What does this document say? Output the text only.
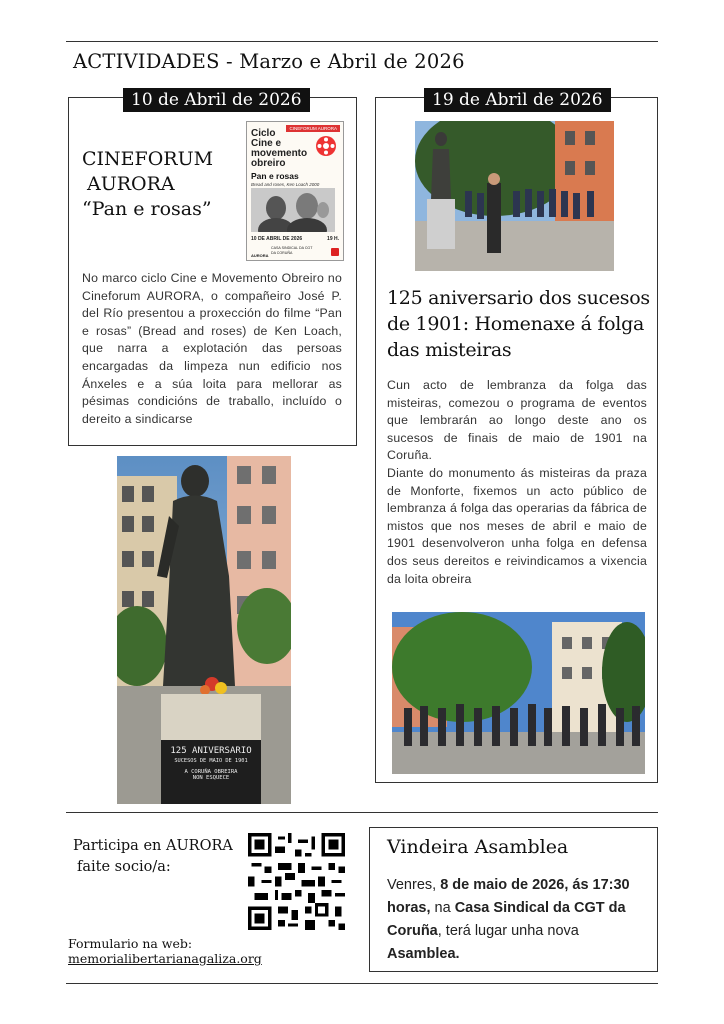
ACTIVIDADES - Marzo e Abril de 2026
10 de Abril de 2026
CINEFORUM
AURORA
“Pan e rosas”
CINEFORUM AURORA
Ciclo
Cine e
movemento
obreiro
Pan e rosas
Bread and roses, Ken Loach 2000
10 DE ABRIL DE 2026	19 H.
CASA SINDICAL DA CGT
DA CORUÑA
AURORA
No marco ciclo Cine e Movemento Obreiro no Cineforum AURORA, o compañeiro José P. del Río presentou a proxección do filme “Pan e rosas” (Bread and roses) de Ken Loach, que narra a explotación das persoas encargadas da limpeza nun edificio nos Ánxeles e a súa loita para mellorar as pésimas condicións de traballo, incluído o dereito a sindicarse
125 ANIVERSARIO
SUCESOS DE MAIO DE 1901
A CORUÑA OBREIRA
NON ESQUECE
19 de Abril de 2026
125 aniversario dos sucesos de 1901: Homenaxe á folga das misteiras
Cun acto de lembranza da folga das misteiras, comezou o programa de eventos que lembrarán ao longo deste ano os sucesos de finais de maio de 1901 na Coruña.
Diante do monumento ás misteiras da praza de Monforte, fixemos un acto público de lembranza á folga das operarias da fábrica de mistos que nos meses de abril e maio de 1901 desenvolveron unha folga en defensa dos seus dereitos e reivindicamos a vixencia da loita obreira
Participa en AURORA
faite socio/a:
Formulario na web:
memorialibertarianagaliza.org
Vindeira Asamblea
Venres, 8 de maio de 2026, ás 17:30 horas, na Casa Sindical da CGT da Coruña, terá lugar unha nova Asamblea.
